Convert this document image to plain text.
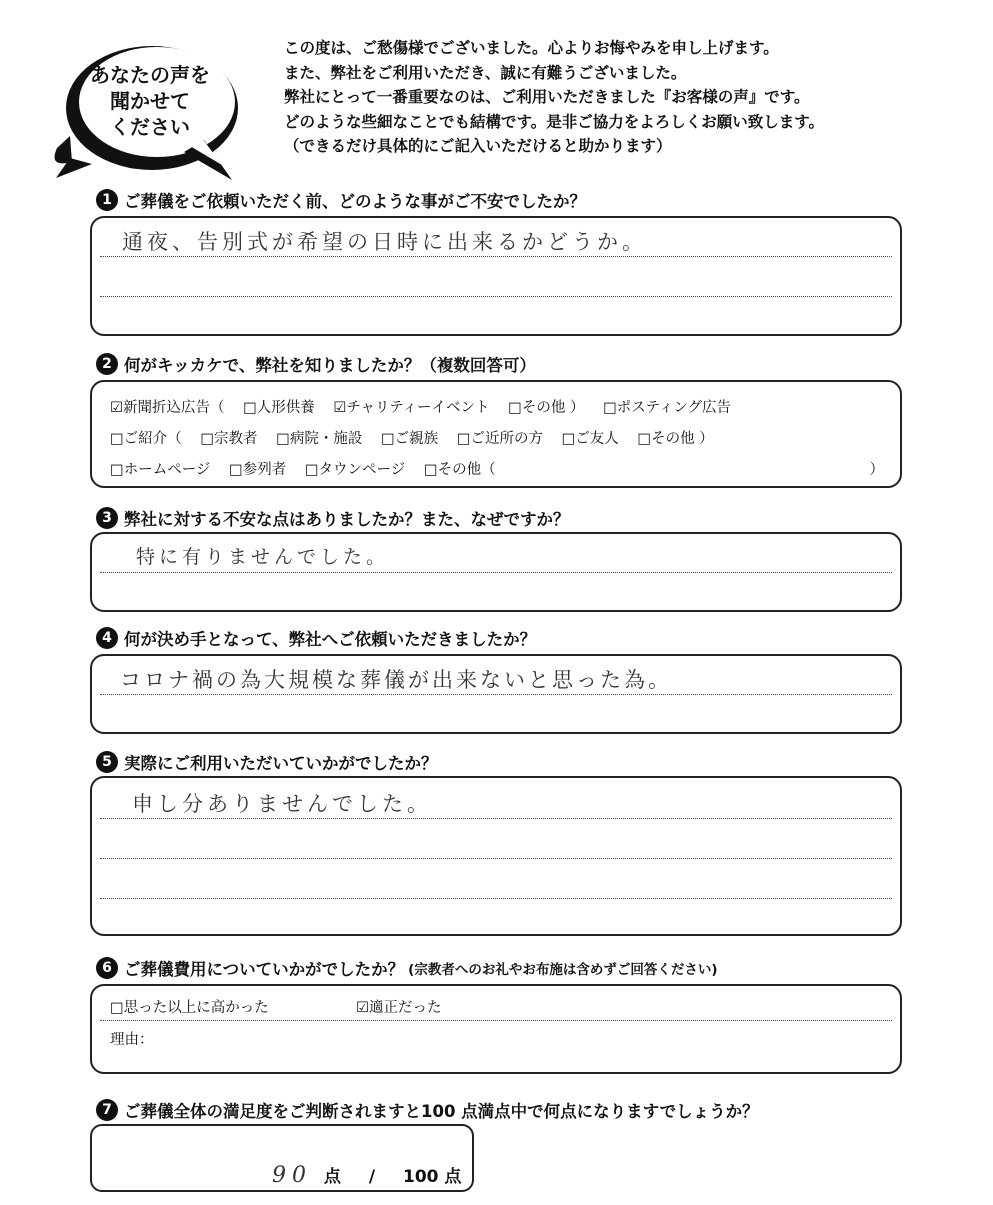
あなたの声を
聞かせて
ください
この度は、ご愁傷様でございました。心よりお悔やみを申し上げます。
また、弊社をご利用いただき、誠に有難うございました。
弊社にとって一番重要なのは、ご利用いただきました『お客様の声』です。
どのような些細なことでも結構です。是非ご協力をよろしくお願い致します。
（できるだけ具体的にご記入いただけると助かります）
1 ご葬儀をご依頼いただく前、どのような事がご不安でしたか？
通夜、告別式が希望の日時に出来るかどうか。
2 何がキッカケで、弊社を知りましたか？（複数回答可）
☑新聞折込広告（ □人形供養 ☑チャリティーイベント □その他 ） □ポスティング広告
□ご紹介（ □宗教者 □病院・施設 □ご親族 □ご近所の方 □ご友人 □その他 ）
□ホームページ □参列者 □タウンページ □その他（	）
3 弊社に対する不安な点はありましたか？また、なぜですか？
特に有りませんでした。
4 何が決め手となって、弊社へご依頼いただきましたか？
コロナ禍の為大規模な葬儀が出来ないと思った為。
5 実際にご利用いただいていかがでしたか？
申し分ありませんでした。
6 ご葬儀費用についていかがでしたか？ (宗教者へのお礼やお布施は含めずご回答ください)
□思った以上に高かった	☑適正だった
理由：
7 ご葬儀全体の満足度をご判断されますと100 点満点中で何点になりますでしょうか？
90 点 / 100 点
